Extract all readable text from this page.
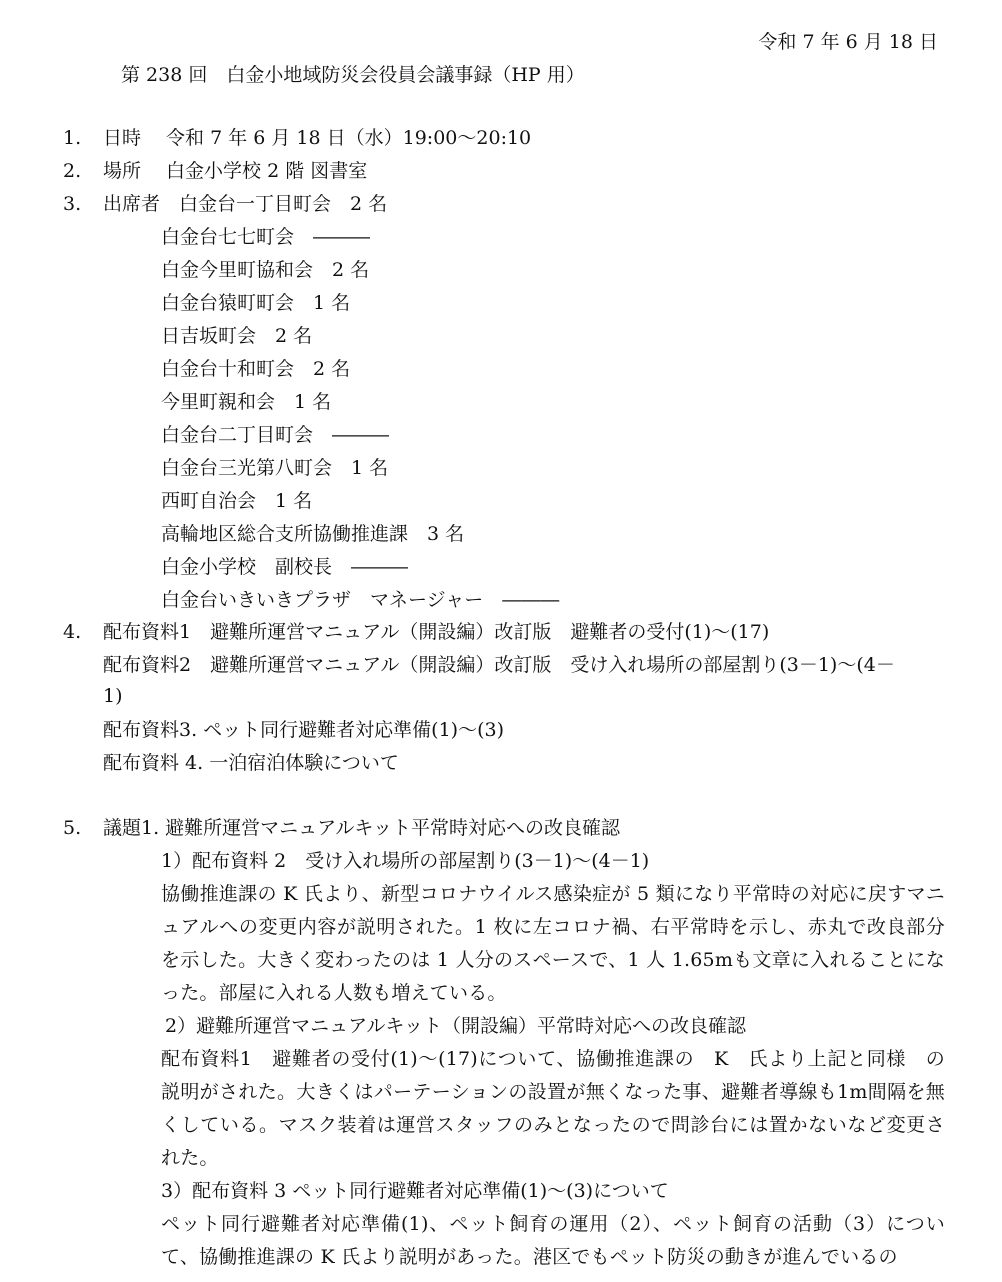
令和 7 年 6 月 18 日
第 238 回　白金小地域防災会役員会議事録（HP 用）
1. 日時　 令和 7 年 6 月 18 日（水）19:00～20:10
2. 場所　 白金小学校 2 階 図書室
3. 出席者　白金台一丁目町会　2 名
白金台七七町会　―――
白金今里町協和会　2 名
白金台猿町町会　1 名
日吉坂町会　2 名
白金台十和町会　2 名
今里町親和会　1 名
白金台二丁目町会　―――
白金台三光第八町会　1 名
西町自治会　1 名
高輪地区総合支所協働推進課　3 名
白金小学校　副校長　―――
白金台いきいきプラザ　マネージャー　―――
4. 配布資料1　避難所運営マニュアル（開設編）改訂版　避難者の受付(1)～(17)
配布資料2　避難所運営マニュアル（開設編）改訂版　受け入れ場所の部屋割り(3－1)～(4－
1)
配布資料3. ペット同行避難者対応準備(1)～(3)
配布資料 4. 一泊宿泊体験について
5. 議題1. 避難所運営マニュアルキット平常時対応への改良確認
1）配布資料 2　受け入れ場所の部屋割り(3－1)～(4－1)
協働推進課の K 氏より、新型コロナウイルス感染症が 5 類になり平常時の対応に戻すマニュアルへの変更内容が説明された。1 枚に左コロナ禍、右平常時を示し、赤丸で改良部分を示した。大きく変わったのは 1 人分のスペースで、1 人 1.65mも文章に入れることになった。部屋に入れる人数も増えている。
2）避難所運営マニュアルキット（開設編）平常時対応への改良確認
配布資料1　避難者の受付(1)～(17)について、協働推進課の　K　氏より上記と同様　の説明がされた。大きくはパーテーションの設置が無くなった事、避難者導線も1m間隔を無くしている。マスク装着は運営スタッフのみとなったので問診台には置かないなど変更された。
3）配布資料 3 ペット同行避難者対応準備(1)～(3)について
ペット同行避難者対応準備(1)、ペット飼育の運用（2）、ペット飼育の活動（3）について、協働推進課の K 氏より説明があった。港区でもペット防災の動きが進んでいるの
